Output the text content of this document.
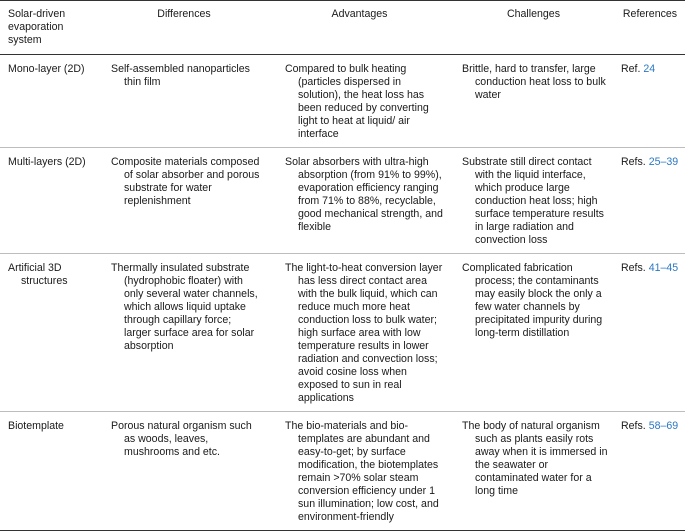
Solar-driven evaporation system	Differences	Advantages	Challenges	References

Mono-layer (2D)	Self-assembled nanoparticles thin film	Compared to bulk heating (particles dispersed in solution), the heat loss has been reduced by converting light to heat at liquid/ air interface	Brittle, hard to transfer, large conduction heat loss to bulk water	Ref. 24

Multi-layers (2D)	Composite materials composed of solar absorber and porous substrate for water replenishment	Solar absorbers with ultra-high absorption (from 91% to 99%), evaporation efficiency ranging from 71% to 88%, recyclable, good mechanical strength, and flexible	Substrate still direct contact with the liquid interface, which produce large conduction heat loss; high surface temperature results in large radiation and convection loss	Refs. 25–39

Artificial 3D structures	Thermally insulated substrate (hydrophobic floater) with only several water channels, which allows liquid uptake through capillary force; larger surface area for solar absorption	The light-to-heat conversion layer has less direct contact area with the bulk liquid, which can reduce much more heat conduction loss to bulk water; high surface area with low temperature results in lower radiation and convection loss; avoid cosine loss when exposed to sun in real applications	Complicated fabrication process; the contaminants may easily block the only a few water channels by precipitated impurity during long-term distillation	Refs. 41–45

Biotemplate	Porous natural organism such as woods, leaves, mushrooms and etc.	The bio-materials and bio-templates are abundant and easy-to-get; by surface modification, the biotemplates remain >70% solar steam conversion efficiency under 1 sun illumination; low cost, and environment-friendly	The body of natural organism such as plants easily rots away when it is immersed in the seawater or contaminated water for a long time	Refs. 58–69
